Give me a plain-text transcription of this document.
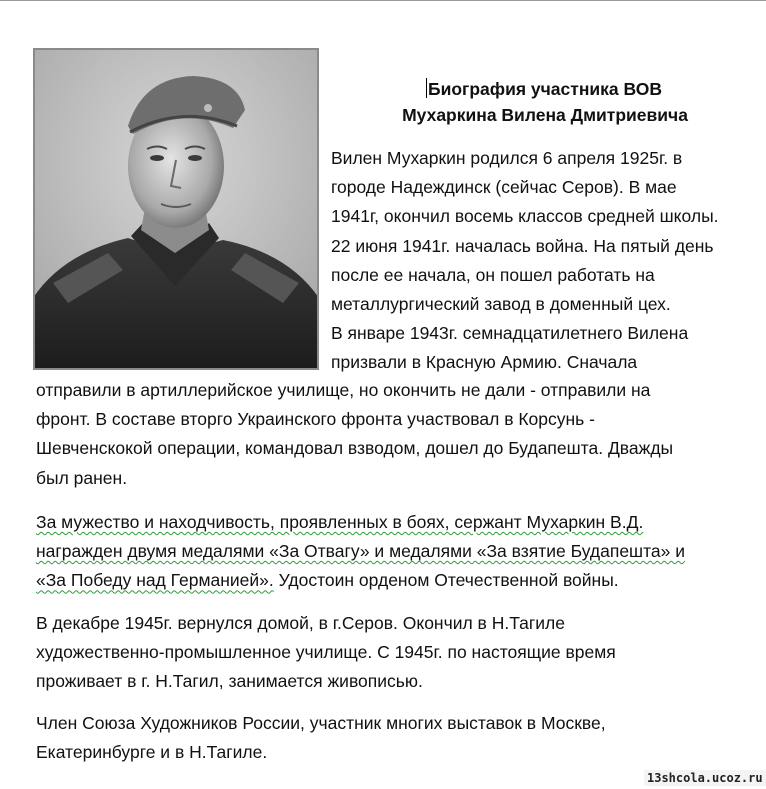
Биография участника ВОВ
Мухаркина Вилена Дмитриевича

Вилен Мухаркин родился 6 апреля 1925г. в
городе Надеждинск (сейчас Серов). В мае
1941г, окончил восемь классов средней школы.
22 июня 1941г. началась война. На пятый день
после ее начала, он пошел работать на
металлургический завод в доменный цех.
В январе 1943г. семнадцатилетнего Вилена
призвали в Красную Армию. Сначала

отправили в артиллерийское училище, но окончить не дали - отправили на
фронт. В составе вторго Украинского фронта участвовал в Корсунь -
Шевченскокой операции, командовал взводом, дошел до Будапешта. Дважды
был ранен.

За мужество и находчивость, проявленных в боях, сержант Мухаркин В.Д.
награжден двумя медалями «За Отвагу» и медалями «За взятие Будапешта» и
«За Победу над Германией». Удостоин орденом Отечественной войны.

В декабре 1945г. вернулся домой, в г.Серов. Окончил в Н.Тагиле
художественно-промышленное училище. С 1945г. по настоящие время
проживает в г. Н.Тагил, занимается живописью.

Член Союза Художников России, участник многих выставок в Москве,
Екатеринбурге и в Н.Тагиле.

13shcola.ucoz.ru
